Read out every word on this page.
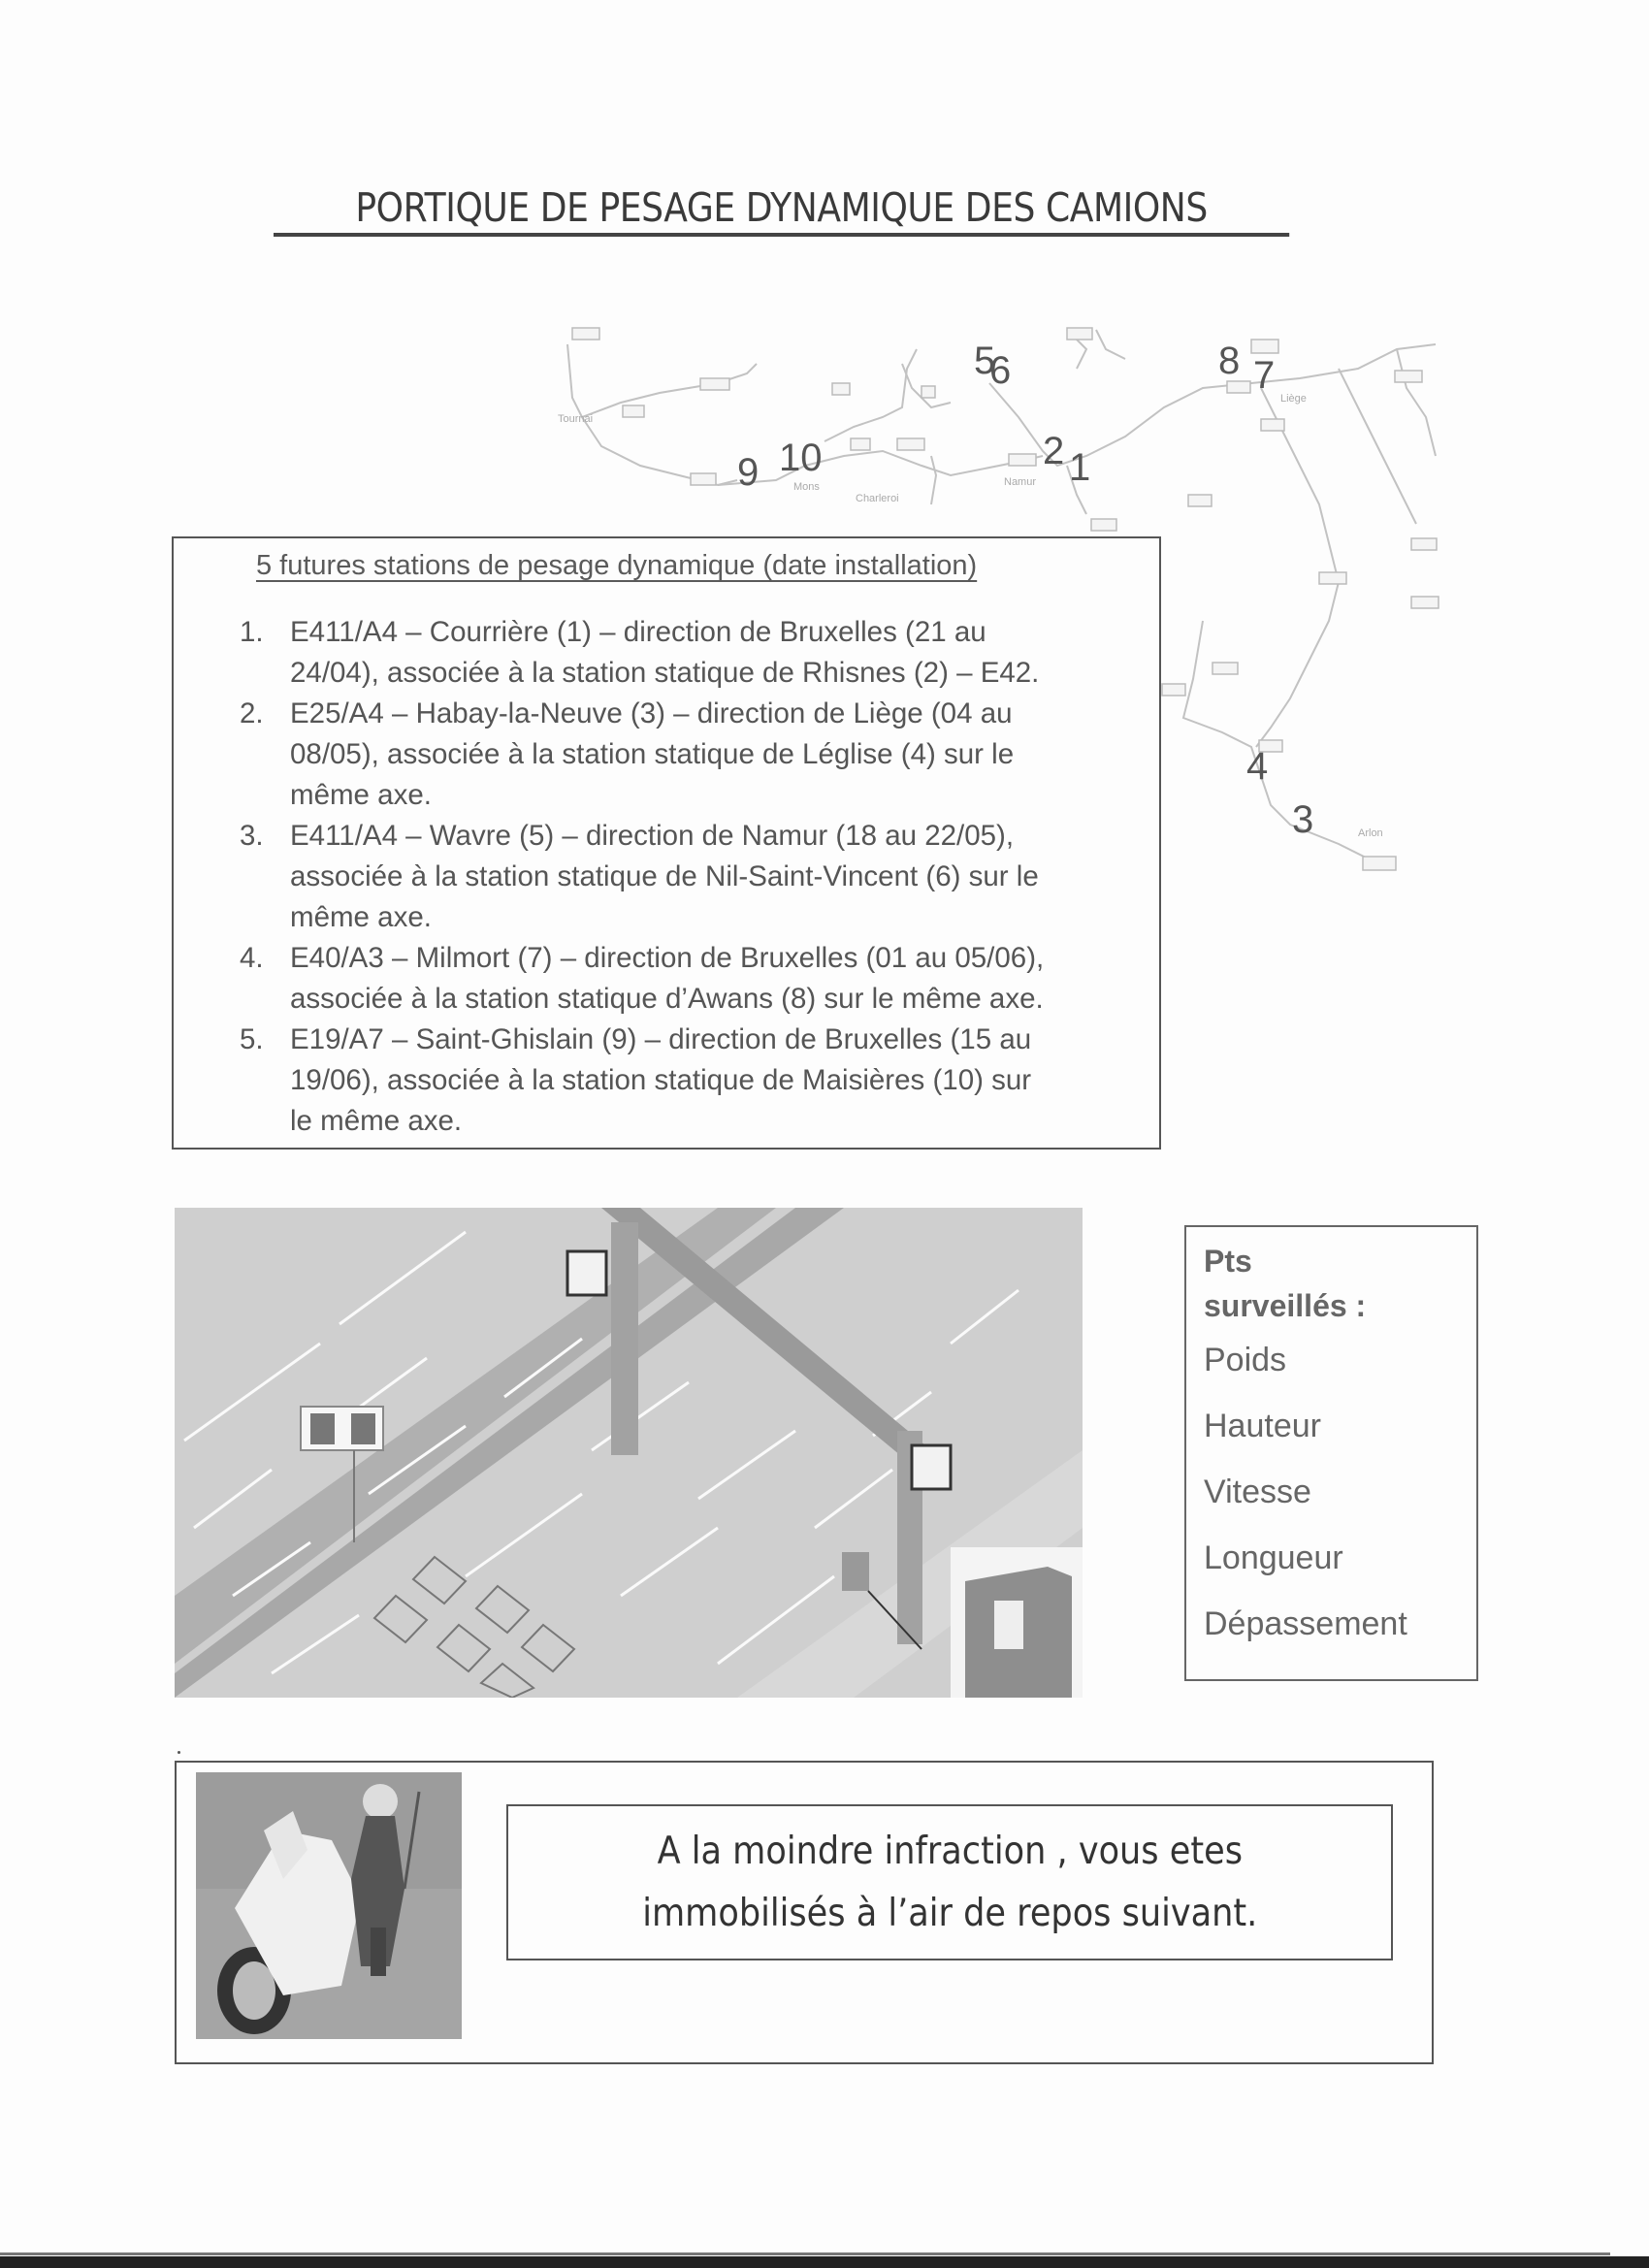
PORTIQUE DE PESAGE DYNAMIQUE DES CAMIONS
Tournai
Mons
Charleroi
Namur
Liège
Arlon
5
6	8 7
2 1
9 10
4
3
5 futures stations de pesage dynamique (date installation)
1. E411/A4 – Courrière (1) – direction de Bruxelles (21 au
24/04), associée à la station statique de Rhisnes (2) – E42.
2. E25/A4 – Habay-la-Neuve (3) – direction de Liège (04 au
08/05), associée à la station statique de Léglise (4) sur le
même axe.
3. E411/A4 – Wavre (5) – direction de Namur (18 au 22/05),
associée à la station statique de Nil-Saint-Vincent (6) sur le
même axe.
4. E40/A3 – Milmort (7) – direction de Bruxelles (01 au 05/06),
associée à la station statique d’Awans (8) sur le même axe.
5. E19/A7 – Saint-Ghislain (9) – direction de Bruxelles (15 au
19/06), associée à la station statique de Maisières (10) sur
le même axe.
Pts
surveillés :
Poids
Hauteur
Vitesse
Longueur
Dépassement
A la moindre infraction , vous etes
immobilisés à l’air de repos suivant.
